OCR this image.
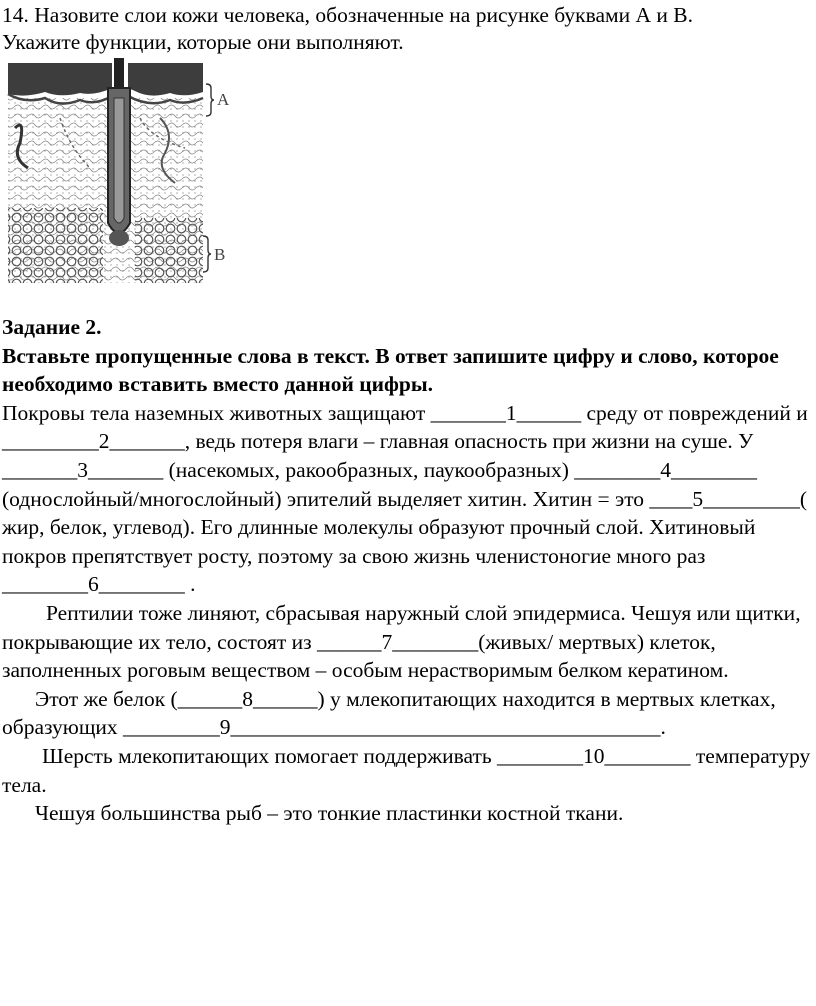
14. Назовите слои кожи человека, обозначенные на рисунке буквами А и В.
Укажите функции, которые они выполняют.
A
B

Задание 2.

Вставьте пропущенные слова в текст. В ответ запишите цифру и слово, которое необходимо вставить вместо данной цифры.

Покровы тела наземных животных защищают _______1______ среду от повреждений и _________2_______, ведь потеря влаги – главная опасность при жизни на суше. У _______3_______ (насекомых, ракообразных, паукообразных) ________4________ (однослойный/многослойный) эпителий выделяет хитин. Хитин = это ____5_________( жир, белок, углевод). Его длинные молекулы образуют прочный слой. Хитиновый покров препятствует росту, поэтому за свою жизнь членистоногие много раз ________6________ .

Рептилии тоже линяют, сбрасывая наружный слой эпидермиса. Чешуя или щитки, покрывающие их тело, состоят из ______7________(живых/ мертвых) клеток, заполненных роговым веществом – особым нерастворимым белком кератином.

Этот же белок (______8______) у млекопитающих находится в мертвых клетках, образующих _________9________________________________________.

Шерсть млекопитающих помогает поддерживать ________10________ температуру тела.

Чешуя большинства рыб – это тонкие пластинки костной ткани.
